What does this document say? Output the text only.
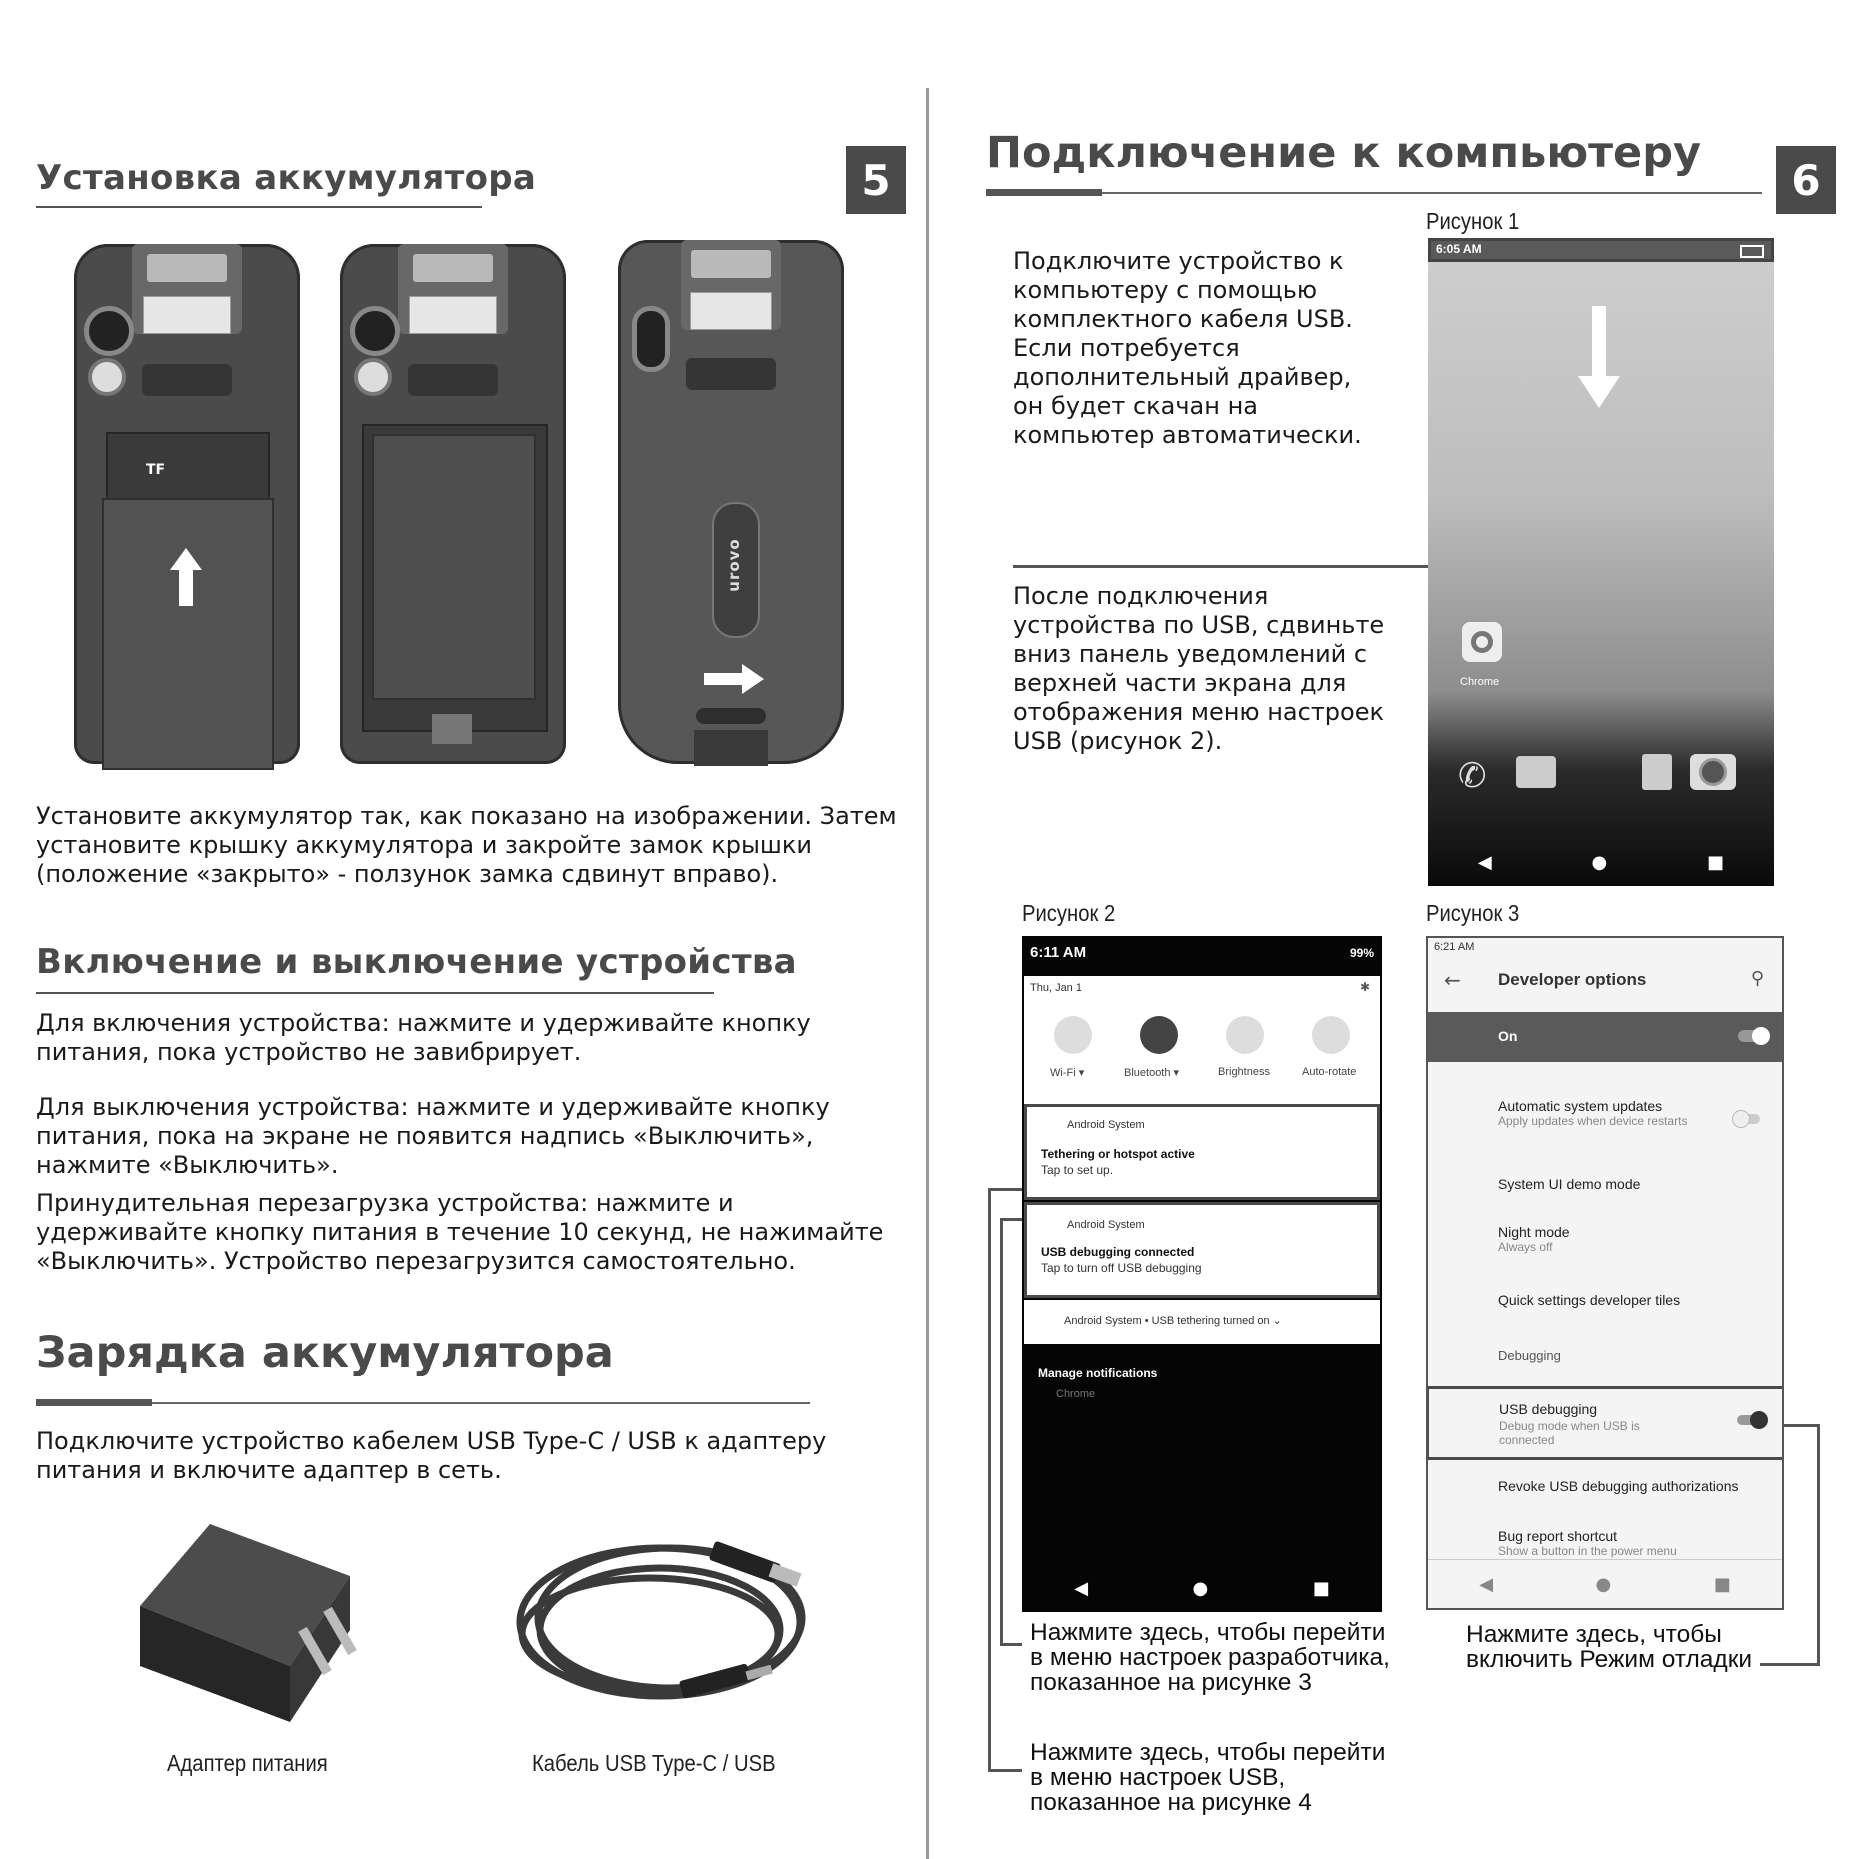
Установка аккумулятора	5
TF
urovo
Установите аккумулятор так, как показано на изображении. Затем установите крышку аккумулятора и закройте замок крышки (положение «закрыто» - ползунок замка сдвинут вправо).
Включение и выключение устройства
Для включения устройства: нажмите и удерживайте кнопку питания, пока устройство не завибрирует.
Для выключения устройства: нажмите и удерживайте кнопку питания, пока на экране не появится надпись «Выключить», нажмите «Выключить».
Принудительная перезагрузка устройства: нажмите и удерживайте кнопку питания в течение 10 секунд, не нажимайте «Выключить». Устройство перезагрузится самостоятельно.
Зарядка аккумулятора
Подключите устройство кабелем USB Type-C / USB к адаптеру питания и включите адаптер в сеть.
Адаптер питания	Кабель USB Type-C / USB
Подключение к компьютеру
6
Подключите устройство к компьютеру с помощью комплектного кабеля USB. Если потребуется дополнительный драйвер, он будет скачан на компьютер автоматически.
После подключения устройства по USB, сдвиньте вниз панель уведомлений с верхней части экрана для отображения меню настроек USB (рисунок 2).
Рисунок 1
6:05 AM
Chrome
✆
◀	●	■
Рисунок 2
6:11 AM	99%
Thu, Jan 1	✱
Wi-Fi ▾	Bluetooth ▾	Brightness	Auto-rotate
Android System
Tethering or hotspot active
Tap to set up.
Android System
USB debugging connected
Tap to turn off USB debugging
Android System • USB tethering turned on ⌄
Manage notifications
Chrome
◀	●	■
Рисунок 3
6:21 AM
← Developer options	⚲
On
Automatic system updates
Apply updates when device restarts
System UI demo mode
Night mode
Always off
Quick settings developer tiles
Debugging
USB debugging
Debug mode when USB is connected
Revoke USB debugging authorizations
Bug report shortcut
Show a button in the power menu
◀	●	■
Нажмите здесь, чтобы перейти в меню настроек разработчика, показанное на рисунке 3
Нажмите здесь, чтобы перейти в меню настроек USB, показанное на рисунке 4
Нажмите здесь, чтобы включить Режим отладки
